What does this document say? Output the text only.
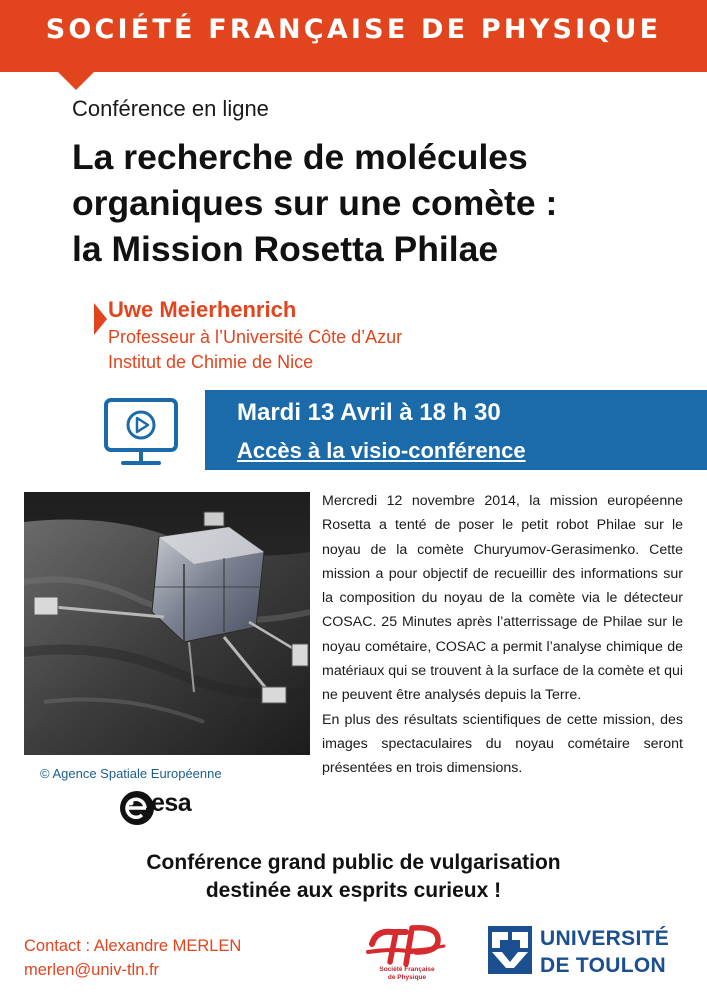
SOCIÉTÉ FRANÇAISE DE PHYSIQUE
Conférence en ligne
La recherche de molécules
organiques sur une comète :
la Mission Rosetta Philae
Uwe Meierhenrich
Professeur à l’Université Côte d’Azur
Institut de Chimie de Nice
Mardi 13 Avril à 18 h 30
Accès à la visio-conférence
© Agence Spatiale Européenne
esa

Mercredi 12 novembre 2014, la mission européenne Rosetta a tenté de poser le petit robot Philae sur le noyau de la comète Churyumov-Gerasimenko. Cette mission a pour objectif de recueillir des informations sur la composition du noyau de la comète via le détecteur COSAC. 25 Minutes après l’atterrissage de Philae sur le noyau cométaire, COSAC a permit l’analyse chimique de matériaux qui se trouvent à la surface de la comète et qui ne peuvent être analysés depuis la Terre.

En plus des résultats scientifiques de cette mission, des images spectaculaires du noyau cométaire seront présentées en trois dimensions.

Conférence grand public de vulgarisation
destinée aux esprits curieux !
Contact : Alexandre MERLEN
merlen@univ-tln.fr	Société Française
de Physique
UNIVERSITÉ
DE TOULON
